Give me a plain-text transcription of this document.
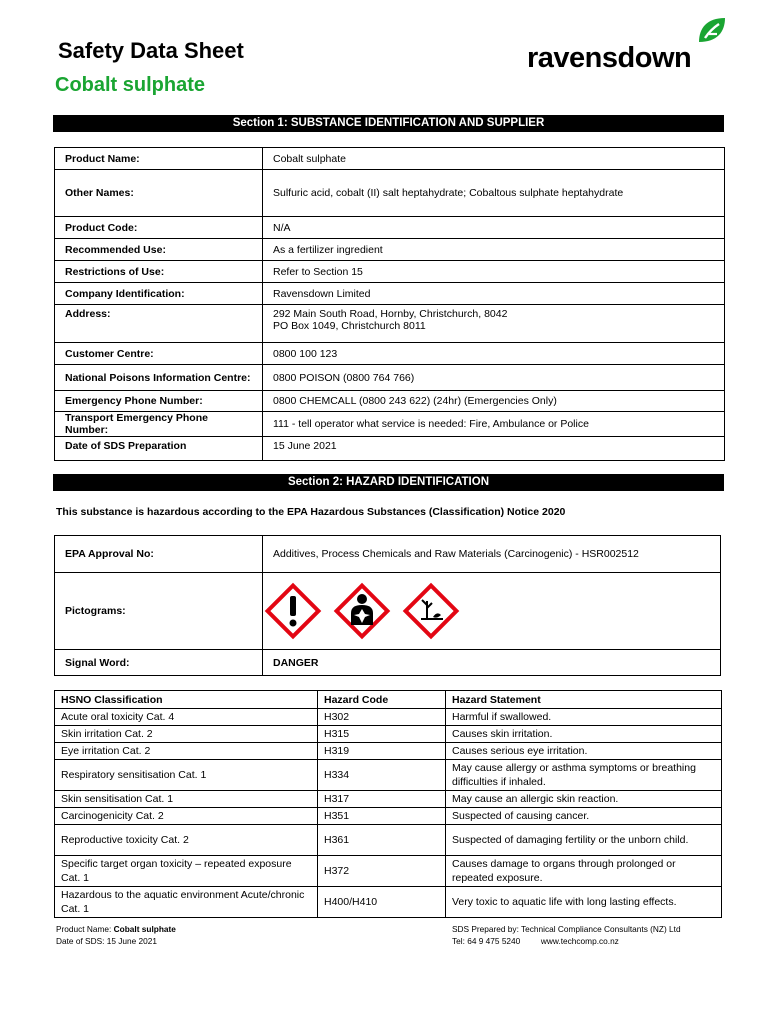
Safety Data Sheet
Cobalt sulphate
ravensdown
Section 1: SUBSTANCE IDENTIFICATION AND SUPPLIER
Product Name:	Cobalt sulphate
Other Names:	Sulfuric acid, cobalt (II) salt heptahydrate; Cobaltous sulphate heptahydrate
Product Code:	N/A
Recommended Use:	As a fertilizer ingredient
Restrictions of Use:	Refer to Section 15
Company Identification:	Ravensdown Limited
Address:	292 Main South Road, Hornby, Christchurch, 8042
PO Box 1049, Christchurch 8011

Customer Centre:	0800 100 123
National Poisons Information Centre:	0800 POISON (0800 764 766)
Emergency Phone Number:	0800 CHEMCALL (0800 243 622) (24hr) (Emergencies Only)
Transport Emergency Phone Number:	111 - tell operator what service is needed: Fire, Ambulance or Police
Date of SDS Preparation	15 June 2021
Section 2: HAZARD IDENTIFICATION
This substance is hazardous according to the EPA Hazardous Substances (Classification) Notice 2020
EPA Approval No:	Additives, Process Chemicals and Raw Materials (Carcinogenic) - HSR002512
Pictograms:	
Signal Word:	DANGER
HSNO Classification	Hazard Code	Hazard Statement
Acute oral toxicity Cat. 4	H302	Harmful if swallowed.
Skin irritation Cat. 2	H315	Causes skin irritation.
Eye irritation Cat. 2	H319	Causes serious eye irritation.
Respiratory sensitisation Cat. 1	H334	May cause allergy or asthma symptoms or breathing difficulties if inhaled.
Skin sensitisation Cat. 1	H317	May cause an allergic skin reaction.
Carcinogenicity Cat. 2	H351	Suspected of causing cancer.
Reproductive toxicity Cat. 2	H361	Suspected of damaging fertility or the unborn child.
Specific target organ toxicity – repeated exposure Cat. 1	H372	Causes damage to organs through prolonged or repeated exposure.
Hazardous to the aquatic environment Acute/chronic Cat. 1	H400/H410	Very toxic to aquatic life with long lasting effects.
Product Name: Cobalt sulphate
Date of SDS: 15 June 2021
SDS Prepared by: Technical Compliance Consultants (NZ) Ltd
Tel: 64 9 475 5240 www.techcomp.co.nz
